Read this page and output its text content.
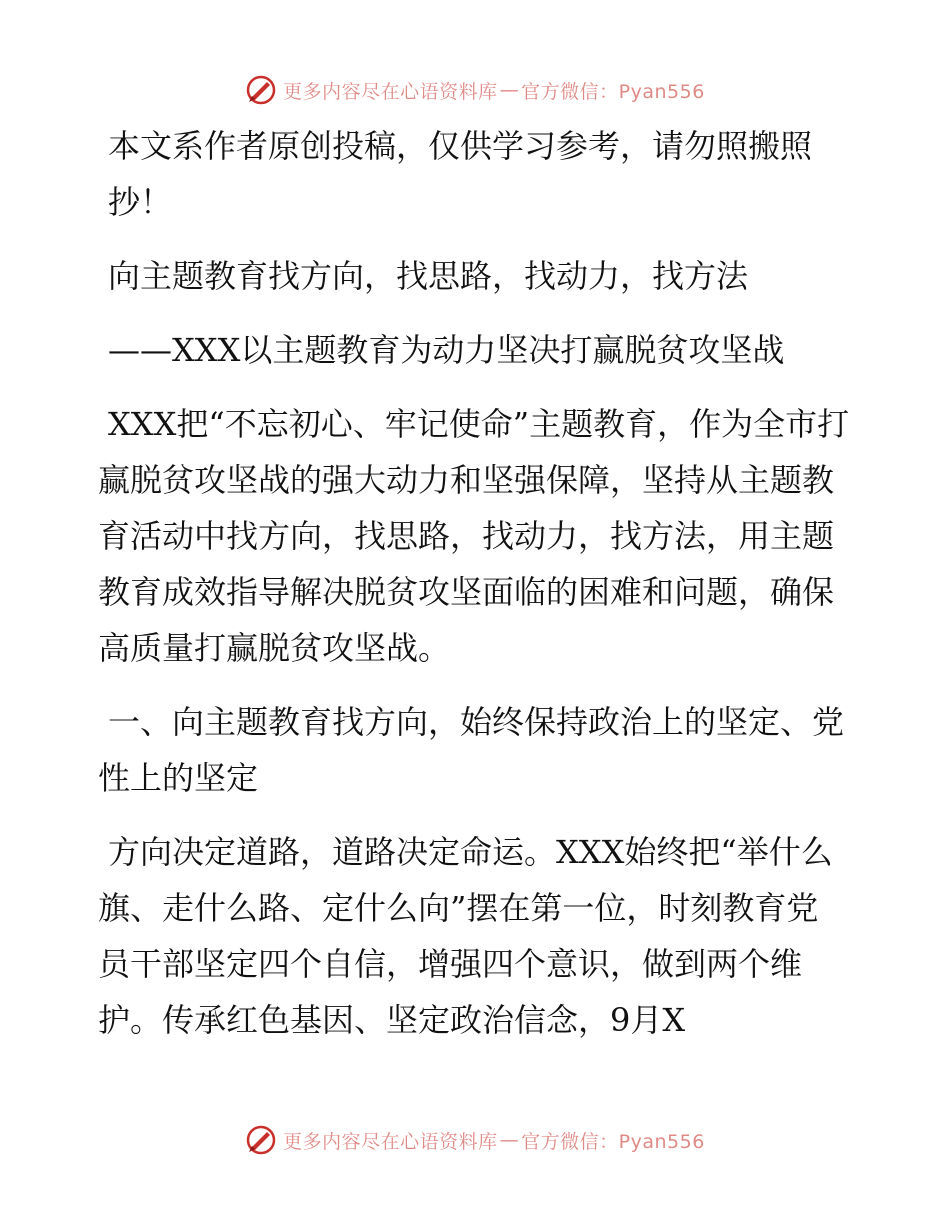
更多内容尽在心语资料库 — 官方微信：Pyan556

本文系作者原创投稿，仅供学习参考，请勿照搬照抄！

向主题教育找方向，找思路，找动力，找方法

——XXX以主题教育为动力坚决打赢脱贫攻坚战

XXX把“不忘初心、牢记使命”主题教育，作为全市打赢脱贫攻坚战的强大动力和坚强保障，坚持从主题教育活动中找方向，找思路，找动力，找方法，用主题教育成效指导解决脱贫攻坚面临的困难和问题，确保高质量打赢脱贫攻坚战。

一、向主题教育找方向，始终保持政治上的坚定、党性上的坚定

方向决定道路，道路决定命运。XXX始终把“举什么旗、走什么路、定什么向”摆在第一位，时刻教育党员干部坚定四个自信，增强四个意识，做到两个维护。传承红色基因、坚定政治信念，9月X

更多内容尽在心语资料库 — 官方微信：Pyan556
